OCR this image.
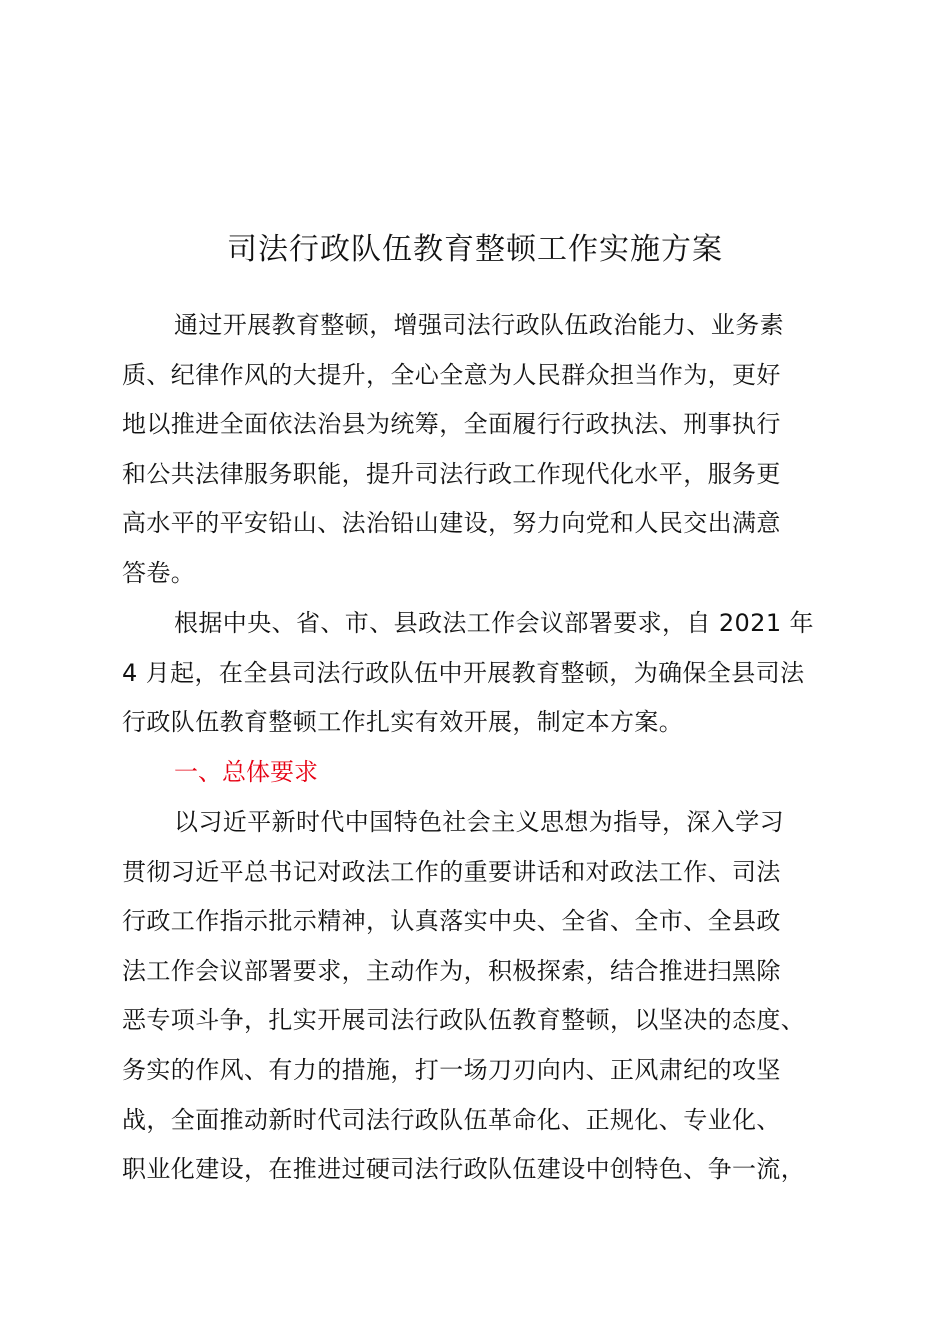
司法行政队伍教育整顿工作实施方案
通过开展教育整顿，增强司法行政队伍政治能力、业务素
质、纪律作风的大提升，全心全意为人民群众担当作为，更好
地以推进全面依法治县为统筹，全面履行行政执法、刑事执行
和公共法律服务职能，提升司法行政工作现代化水平，服务更
高水平的平安铅山、法治铅山建设，努力向党和人民交出满意
答卷。
根据中央、省、市、县政法工作会议部署要求，自 2021 年
4 月起，在全县司法行政队伍中开展教育整顿，为确保全县司法
行政队伍教育整顿工作扎实有效开展，制定本方案。
一、总体要求
以习近平新时代中国特色社会主义思想为指导，深入学习
贯彻习近平总书记对政法工作的重要讲话和对政法工作、司法
行政工作指示批示精神，认真落实中央、全省、全市、全县政
法工作会议部署要求，主动作为，积极探索，结合推进扫黑除
恶专项斗争，扎实开展司法行政队伍教育整顿，以坚决的态度、
务实的作风、有力的措施，打一场刀刃向内、正风肃纪的攻坚
战，全面推动新时代司法行政队伍革命化、正规化、专业化、
职业化建设，在推进过硬司法行政队伍建设中创特色、争一流，
